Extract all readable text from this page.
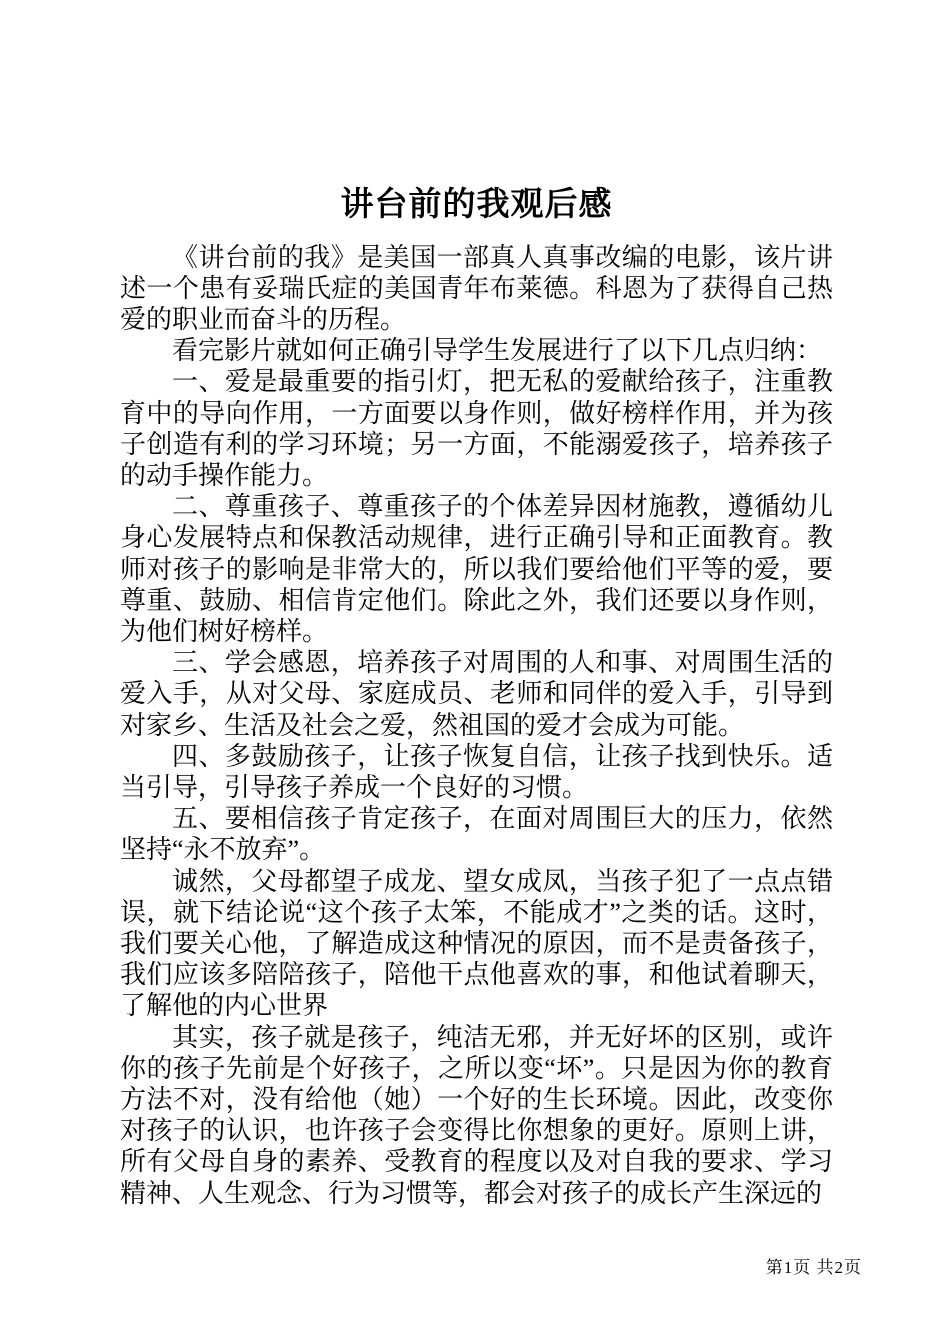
讲台前的我观后感

《讲台前的我》是美国一部真人真事改编的电影，该片讲述一个患有妥瑞氏症的美国青年布莱德。科恩为了获得自己热爱的职业而奋斗的历程。

看完影片就如何正确引导学生发展进行了以下几点归纳：

一、爱是最重要的指引灯，把无私的爱献给孩子，注重教育中的导向作用，一方面要以身作则，做好榜样作用，并为孩子创造有利的学习环境；另一方面，不能溺爱孩子，培养孩子的动手操作能力。

二、尊重孩子、尊重孩子的个体差异因材施教，遵循幼儿身心发展特点和保教活动规律，进行正确引导和正面教育。教师对孩子的影响是非常大的，所以我们要给他们平等的爱，要尊重、鼓励、相信肯定他们。除此之外，我们还要以身作则，为他们树好榜样。

三、学会感恩，培养孩子对周围的人和事、对周围生活的爱入手，从对父母、家庭成员、老师和同伴的爱入手，引导到对家乡、生活及社会之爱，然祖国的爱才会成为可能。

四、多鼓励孩子，让孩子恢复自信，让孩子找到快乐。适当引导，引导孩子养成一个良好的习惯。

五、要相信孩子肯定孩子，在面对周围巨大的压力，依然坚持“永不放弃”。

诚然，父母都望子成龙、望女成凤，当孩子犯了一点点错误，就下结论说“这个孩子太笨，不能成才”之类的话。这时，我们要关心他，了解造成这种情况的原因，而不是责备孩子，我们应该多陪陪孩子，陪他干点他喜欢的事，和他试着聊天，了解他的内心世界

其实，孩子就是孩子，纯洁无邪，并无好坏的区别，或许你的孩子先前是个好孩子，之所以变“坏”。只是因为你的教育方法不对，没有给他（她）一个好的生长环境。因此，改变你对孩子的认识，也许孩子会变得比你想象的更好。原则上讲，所有父母自身的素养、受教育的程度以及对自我的要求、学习精神、人生观念、行为习惯等，都会对孩子的成长产生深远的

第1页 共2页
